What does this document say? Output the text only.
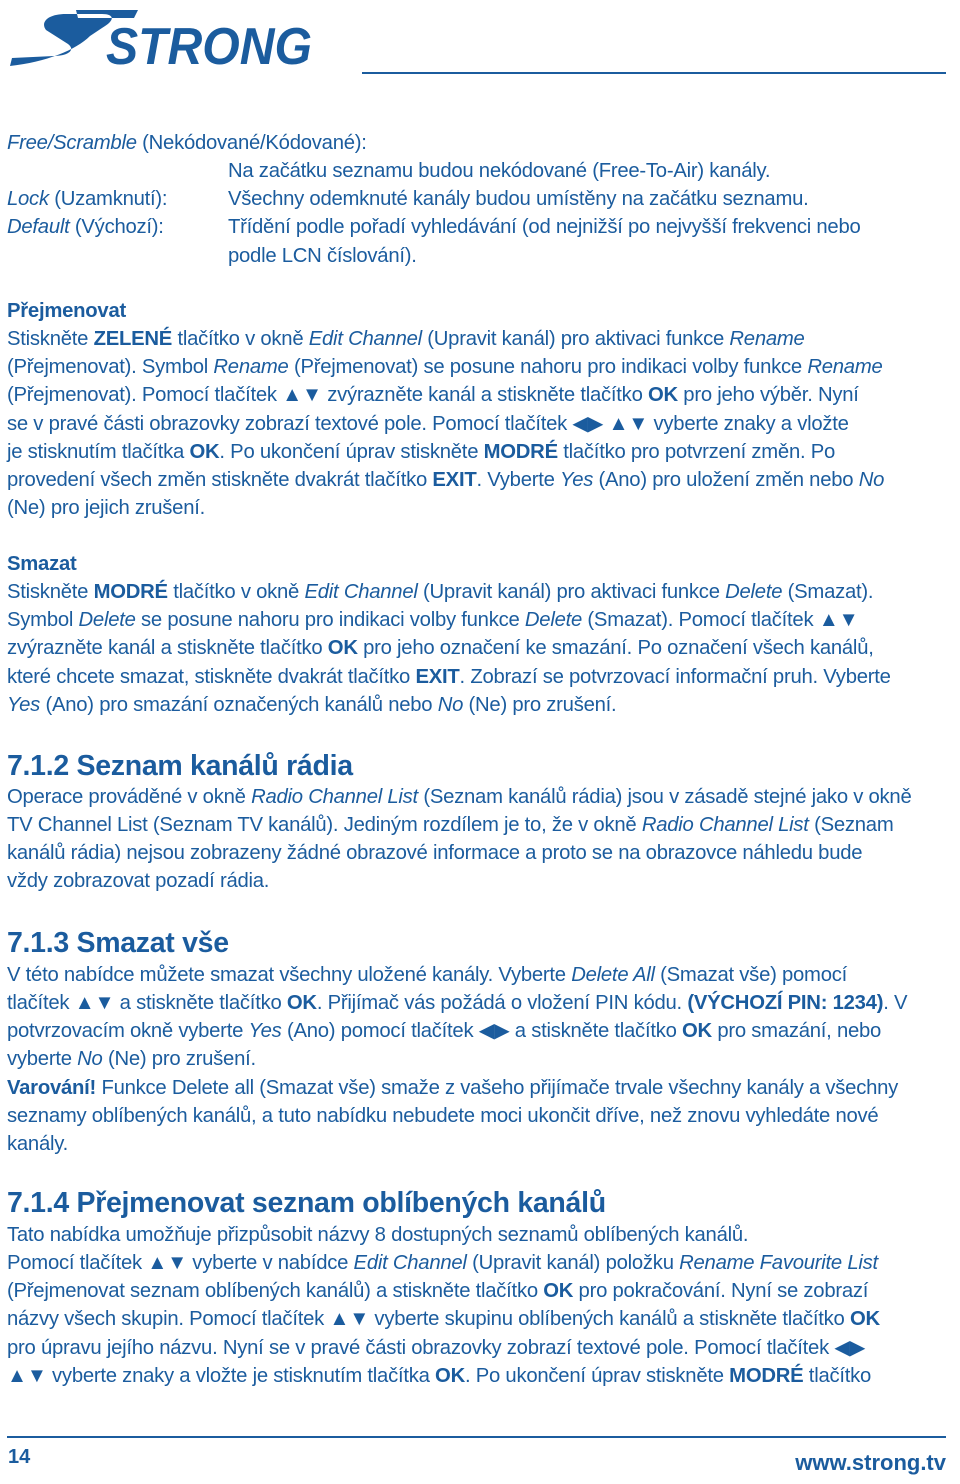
STRONG
Free/Scramble (Nekódované/Kódované):
Na začátku seznamu budou nekódované (Free-To-Air) kanály.
Lock (Uzamknutí):	Všechny odemknuté kanály budou umístěny na začátku seznamu.
Default (Výchozí):	Třídění podle pořadí vyhledávání (od nejnižší po nejvyšší frekvenci nebo
podle LCN číslování).
Přejmenovat
Stiskněte ZELENÉ tlačítko v okně Edit Channel (Upravit kanál) pro aktivaci funkce Rename
(Přejmenovat). Symbol Rename (Přejmenovat) se posune nahoru pro indikaci volby funkce Rename
(Přejmenovat). Pomocí tlačítek ▲▼ zvýrazněte kanál a stiskněte tlačítko OK pro jeho výběr. Nyní
se v pravé části obrazovky zobrazí textové pole. Pomocí tlačítek ◀▶ ▲▼ vyberte znaky a vložte
je stisknutím tlačítka OK. Po ukončení úprav stiskněte MODRÉ tlačítko pro potvrzení změn. Po
provedení všech změn stiskněte dvakrát tlačítko EXIT. Vyberte Yes (Ano) pro uložení změn nebo No
(Ne) pro jejich zrušení.
Smazat
Stiskněte MODRÉ tlačítko v okně Edit Channel (Upravit kanál) pro aktivaci funkce Delete (Smazat).
Symbol Delete se posune nahoru pro indikaci volby funkce Delete (Smazat). Pomocí tlačítek ▲▼
zvýrazněte kanál a stiskněte tlačítko OK pro jeho označení ke smazání. Po označení všech kanálů,
které chcete smazat, stiskněte dvakrát tlačítko EXIT. Zobrazí se potvrzovací informační pruh. Vyberte
Yes (Ano) pro smazání označených kanálů nebo No (Ne) pro zrušení.
7.1.2 Seznam kanálů rádia
Operace prováděné v okně Radio Channel List (Seznam kanálů rádia) jsou v zásadě stejné jako v okně
TV Channel List (Seznam TV kanálů). Jediným rozdílem je to, že v okně Radio Channel List (Seznam
kanálů rádia) nejsou zobrazeny žádné obrazové informace a proto se na obrazovce náhledu bude
vždy zobrazovat pozadí rádia.
7.1.3 Smazat vše
V této nabídce můžete smazat všechny uložené kanály. Vyberte Delete All (Smazat vše) pomocí
tlačítek ▲▼ a stiskněte tlačítko OK. Přijímač vás požádá o vložení PIN kódu. (VÝCHOZÍ PIN: 1234). V
potvrzovacím okně vyberte Yes (Ano) pomocí tlačítek ◀▶ a stiskněte tlačítko OK pro smazání, nebo
vyberte No (Ne) pro zrušení.
Varování! Funkce Delete all (Smazat vše) smaže z vašeho přijímače trvale všechny kanály a všechny
seznamy oblíbených kanálů, a tuto nabídku nebudete moci ukončit dříve, než znovu vyhledáte nové
kanály.
7.1.4 Přejmenovat seznam oblíbených kanálů
Tato nabídka umožňuje přizpůsobit názvy 8 dostupných seznamů oblíbených kanálů.
Pomocí tlačítek ▲▼ vyberte v nabídce Edit Channel (Upravit kanál) položku Rename Favourite List
(Přejmenovat seznam oblíbených kanálů) a stiskněte tlačítko OK pro pokračování. Nyní se zobrazí
názvy všech skupin. Pomocí tlačítek ▲▼ vyberte skupinu oblíbených kanálů a stiskněte tlačítko OK
pro úpravu jejího názvu. Nyní se v pravé části obrazovky zobrazí textové pole. Pomocí tlačítek ◀▶
▲▼ vyberte znaky a vložte je stisknutím tlačítka OK. Po ukončení úprav stiskněte MODRÉ tlačítko
14	www.strong.tv
